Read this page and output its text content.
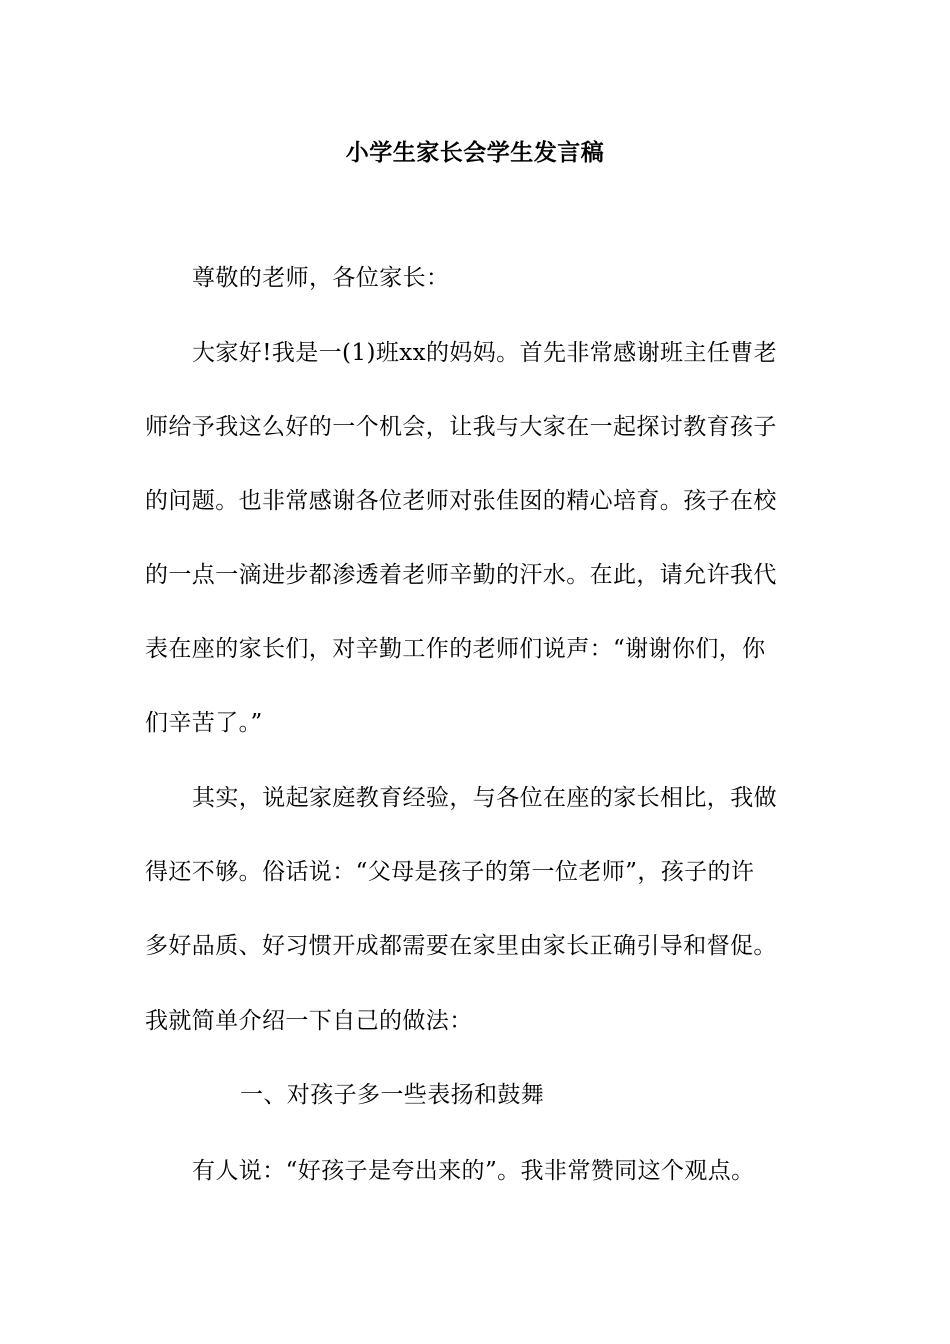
小学生家长会学生发言稿
尊敬的老师，各位家长：
大家好!我是一(1)班xx的妈妈。首先非常感谢班主任曹老
师给予我这么好的一个机会，让我与大家在一起探讨教育孩子
的问题。也非常感谢各位老师对张佳囡的精心培育。孩子在校
的一点一滴进步都渗透着老师辛勤的汗水。在此，请允许我代
表在座的家长们，对辛勤工作的老师们说声：“谢谢你们，你
们辛苦了。”
其实，说起家庭教育经验，与各位在座的家长相比，我做
得还不够。俗话说：“父母是孩子的第一位老师”，孩子的许
多好品质、好习惯开成都需要在家里由家长正确引导和督促。
我就简单介绍一下自己的做法：
一、对孩子多一些表扬和鼓舞
有人说：“好孩子是夸出来的”。我非常赞同这个观点。
